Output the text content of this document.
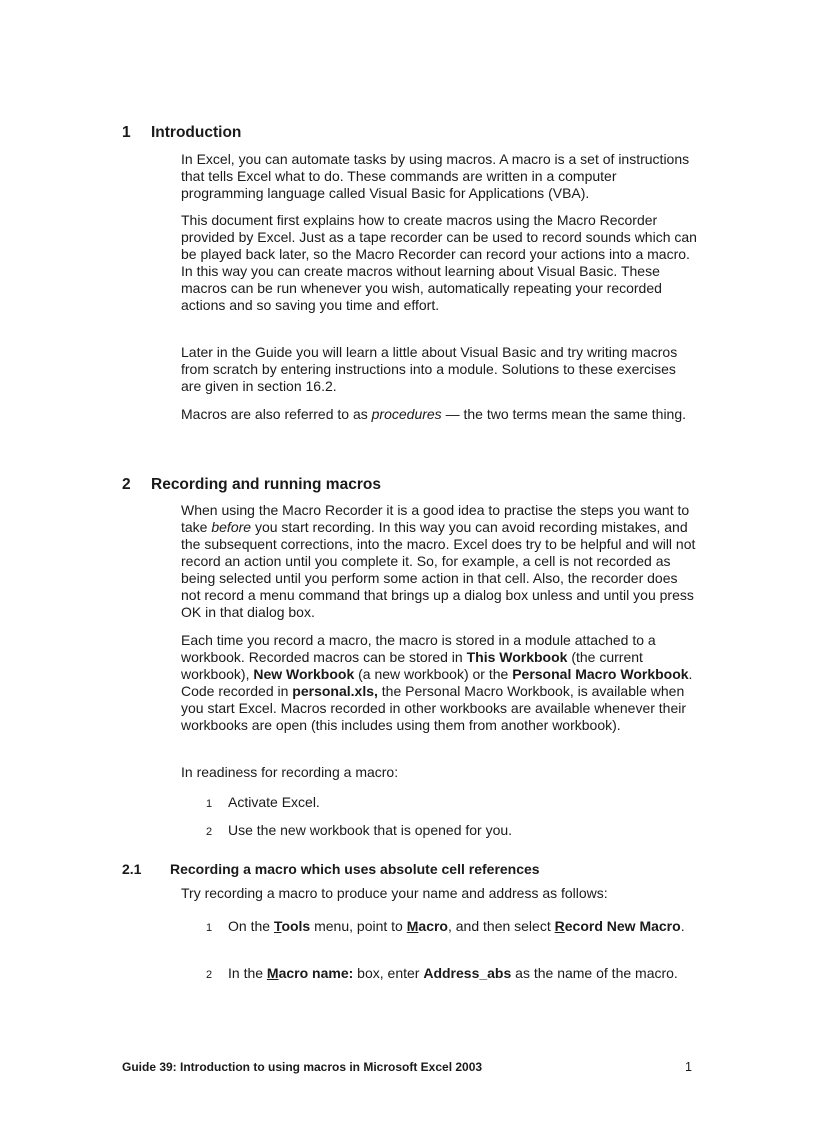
1	Introduction
In Excel, you can automate tasks by using macros. A macro is a set of instructions that tells Excel what to do. These commands are written in a computer programming language called Visual Basic for Applications (VBA).
This document first explains how to create macros using the Macro Recorder provided by Excel. Just as a tape recorder can be used to record sounds which can be played back later, so the Macro Recorder can record your actions into a macro. In this way you can create macros without learning about Visual Basic. These macros can be run whenever you wish, automatically repeating your recorded actions and so saving you time and effort.
Later in the Guide you will learn a little about Visual Basic and try writing macros from scratch by entering instructions into a module. Solutions to these exercises are given in section 16.2.
Macros are also referred to as procedures — the two terms mean the same thing.
2	Recording and running macros
When using the Macro Recorder it is a good idea to practise the steps you want to take before you start recording. In this way you can avoid recording mistakes, and the subsequent corrections, into the macro. Excel does try to be helpful and will not record an action until you complete it. So, for example, a cell is not recorded as being selected until you perform some action in that cell. Also, the recorder does not record a menu command that brings up a dialog box unless and until you press OK in that dialog box.
Each time you record a macro, the macro is stored in a module attached to a workbook. Recorded macros can be stored in This Workbook (the current workbook), New Workbook (a new workbook) or the Personal Macro Workbook. Code recorded in personal.xls, the Personal Macro Workbook, is available when you start Excel. Macros recorded in other workbooks are available whenever their workbooks are open (this includes using them from another workbook).
In readiness for recording a macro:
1	Activate Excel.
2	Use the new workbook that is opened for you.
2.1	Recording a macro which uses absolute cell references
Try recording a macro to produce your name and address as follows:
1	On the Tools menu, point to Macro, and then select Record New Macro.
2	In the Macro name: box, enter Address_abs as the name of the macro.
Guide 39: Introduction to using macros in Microsoft Excel 2003	1
